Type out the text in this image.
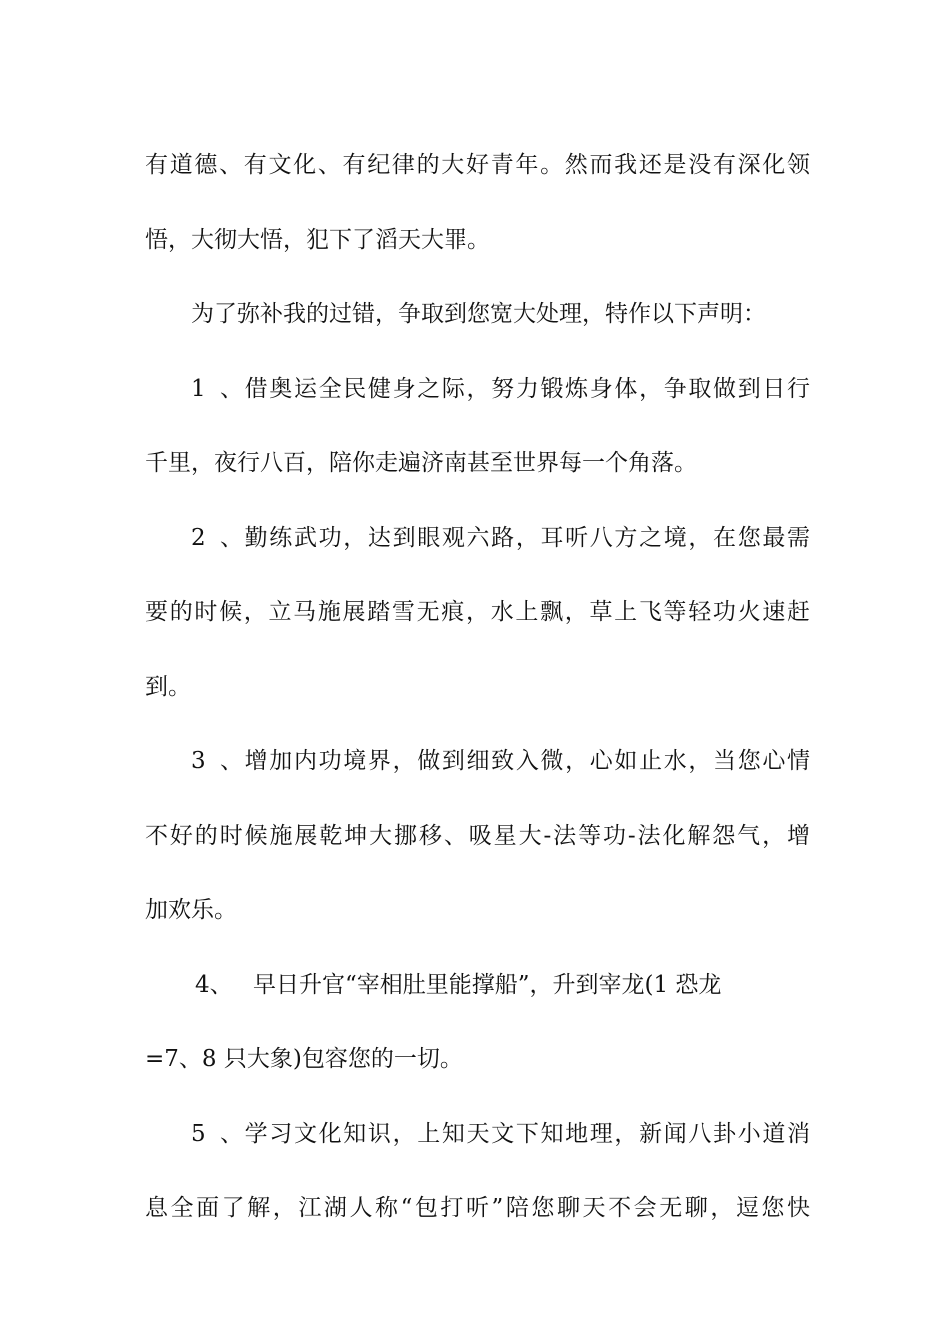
有道德、有文化、有纪律的大好青年。然而我还是没有深化领
悟，大彻大悟，犯下了滔天大罪。
为了弥补我的过错，争取到您宽大处理，特作以下声明：
1、借奥运全民健身之际，努力锻炼身体，争取做到日行
千里，夜行八百，陪你走遍济南甚至世界每一个角落。
2、勤练武功，达到眼观六路，耳听八方之境，在您最需
要的时候，立马施展踏雪无痕，水上飘，草上飞等轻功火速赶
到。
3、增加内功境界，做到细致入微，心如止水，当您心情
不好的时候施展乾坤大挪移、吸星大-法等功-法化解怨气，增
加欢乐。
4、 早日升官“宰相肚里能撑船”，升到宰龙(1 恐龙
=7、8 只大象)包容您的一切。
5、学习文化知识，上知天文下知地理，新闻八卦小道消
息全面了解，江湖人称“包打听”陪您聊天不会无聊，逗您快
